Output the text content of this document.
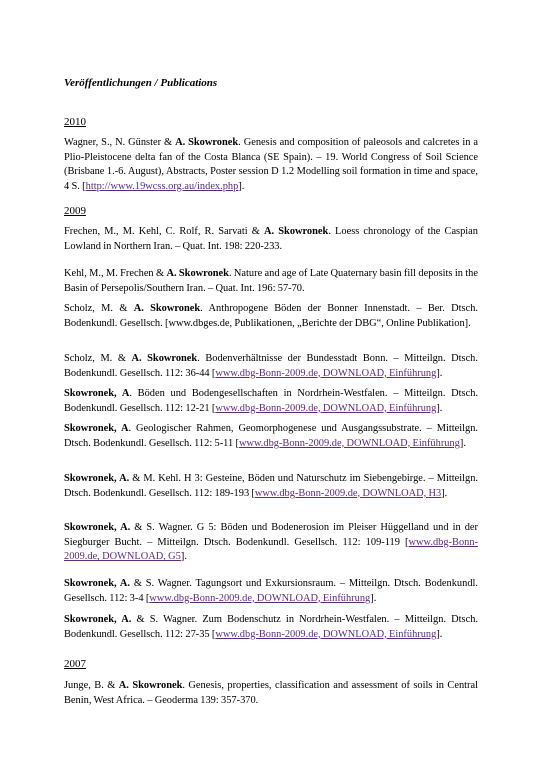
Veröffentlichungen / Publications
2010
Wagner, S., N. Günster & A. Skowronek. Genesis and composition of paleosols and calcretes in a Plio-Pleistocene delta fan of the Costa Blanca (SE Spain). – 19. World Congress of Soil Science (Brisbane 1.-6. August), Abstracts, Poster session D 1.2 Modelling soil formation in time and space, 4 S. [http://www.19wcss.org.au/index.php].
2009
Frechen, M., M. Kehl, C. Rolf, R. Sarvati & A. Skowronek. Loess chronology of the Caspian Lowland in Northern Iran. – Quat. Int. 198: 220-233.
Kehl, M., M. Frechen & A. Skowronek. Nature and age of Late Quaternary basin fill deposits in the Basin of Persepolis/Southern Iran. – Quat. Int. 196: 57-70.
Scholz, M. & A. Skowronek. Anthropogene Böden der Bonner Innenstadt. – Ber. Dtsch. Bodenkundl. Gesellsch. [www.dbges.de, Publikationen, „Berichte der DBG“, Online Publikation].
Scholz, M. & A. Skowronek. Bodenverhältnisse der Bundesstadt Bonn. – Mitteilgn. Dtsch. Bodenkundl. Gesellsch. 112: 36-44 [www.dbg-Bonn-2009.de, DOWNLOAD, Einführung].
Skowronek, A. Böden und Bodengesellschaften in Nordrhein-Westfalen. – Mitteilgn. Dtsch. Bodenkundl. Gesellsch. 112: 12-21 [www.dbg-Bonn-2009.de, DOWNLOAD, Einführung].
Skowronek, A. Geologischer Rahmen, Geomorphogenese und Ausgangssubstrate. – Mitteilgn. Dtsch. Bodenkundl. Gesellsch. 112: 5-11 [www.dbg-Bonn-2009.de, DOWNLOAD, Einführung].
Skowronek, A. & M. Kehl. H 3: Gesteine, Böden und Naturschutz im Siebengebirge. – Mitteilgn. Dtsch. Bodenkundl. Gesellsch. 112: 189-193 [www.dbg-Bonn-2009.de, DOWNLOAD, H3].
Skowronek, A. & S. Wagner. G 5: Böden und Bodenerosion im Pleiser Hüggelland und in der Siegburger Bucht. – Mitteilgn. Dtsch. Bodenkundl. Gesellsch. 112: 109-119 [www.dbg-Bonn-2009.de, DOWNLOAD, G5].
Skowronek, A. & S. Wagner. Tagungsort und Exkursionsraum. – Mitteilgn. Dtsch. Bodenkundl. Gesellsch. 112: 3-4 [www.dbg-Bonn-2009.de, DOWNLOAD, Einführung].
Skowronek, A. & S. Wagner. Zum Bodenschutz in Nordrhein-Westfalen. – Mitteilgn. Dtsch. Bodenkundl. Gesellsch. 112: 27-35 [www.dbg-Bonn-2009.de, DOWNLOAD, Einführung].
2007
Junge, B. & A. Skowronek. Genesis, properties, classification and assessment of soils in Central Benin, West Africa. – Geoderma 139: 357-370.
